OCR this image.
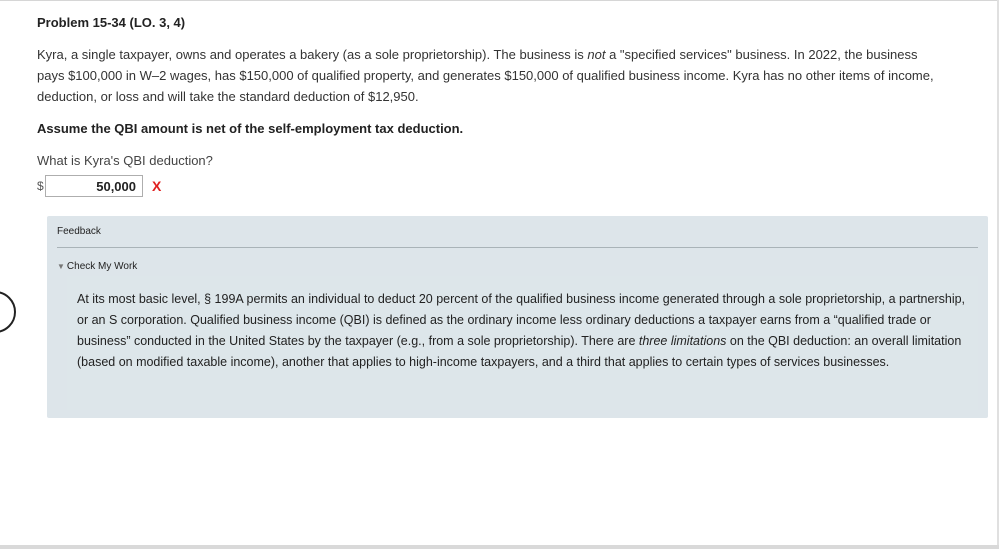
Problem 15-34 (LO. 3, 4)
Kyra, a single taxpayer, owns and operates a bakery (as a sole proprietorship). The business is not a "specified services" business. In 2022, the business pays $100,000 in W–2 wages, has $150,000 of qualified property, and generates $150,000 of qualified business income. Kyra has no other items of income, deduction, or loss and will take the standard deduction of $12,950.
Assume the QBI amount is net of the self-employment tax deduction.
What is Kyra's QBI deduction?
$
50,000	X
Feedback
▼ Check My Work
At its most basic level, § 199A permits an individual to deduct 20 percent of the qualified business income generated through a sole proprietorship, a partnership, or an S corporation. Qualified business income (QBI) is defined as the ordinary income less ordinary deductions a taxpayer earns from a “qualified trade or business” conducted in the United States by the taxpayer (e.g., from a sole proprietorship). There are three limitations on the QBI deduction: an overall limitation (based on modified taxable income), another that applies to high-income taxpayers, and a third that applies to certain types of services businesses.
